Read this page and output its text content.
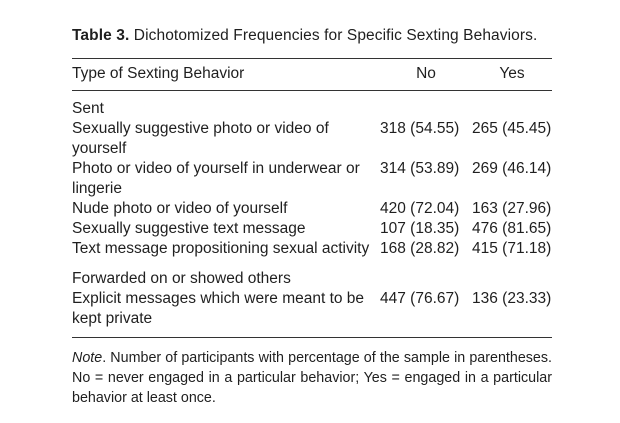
Table 3. Dichotomized Frequencies for Specific Sexting Behaviors.
Type of Sexting Behavior	No	Yes

Sent		
Sexually suggestive photo or video of yourself	318 (54.55)	265 (45.45)
Photo or video of yourself in underwear or lingerie	314 (53.89)	269 (46.14)
Nude photo or video of yourself	420 (72.04)	163 (27.96)
Sexually suggestive text message	107 (18.35)	476 (81.65)
Text message propositioning sexual activity	168 (28.82)	415 (71.18)
Forwarded on or showed others		
Explicit messages which were meant to be kept private	447 (76.67)	136 (23.33)
Note. Number of participants with percentage of the sample in parentheses. No = never engaged in a particular behavior; Yes = engaged in a particular behavior at least once.
